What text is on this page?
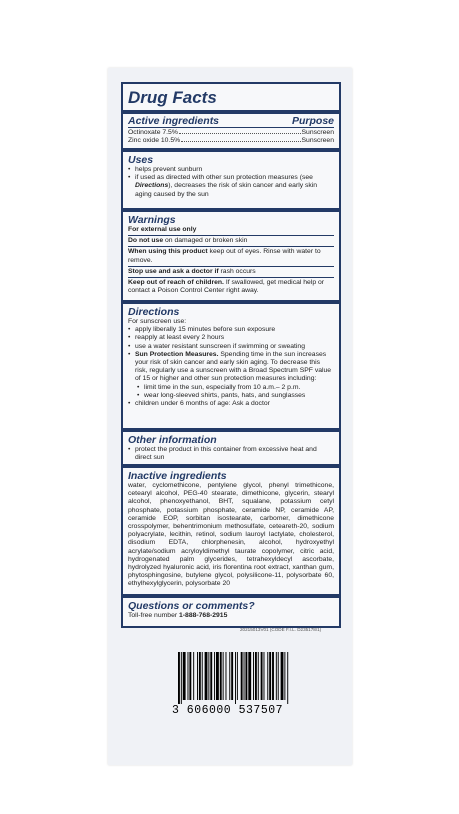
Drug Facts
Active ingredients	Purpose
Octinoxate 7.5%	Sunscreen
Zinc oxide 10.5%	Sunscreen
Uses
• helps prevent sunburn
• if used as directed with other sun protection measures (see Directions), decreases the risk of skin cancer and early skin aging caused by the sun
Warnings
For external use only
Do not use on damaged or broken skin
When using this product keep out of eyes. Rinse with water to remove.
Stop use and ask a doctor if rash occurs
Keep out of reach of children. If swallowed, get medical help or contact a Poison Control Center right away.
Directions
For sunscreen use:
• apply liberally 15 minutes before sun exposure
• reapply at least every 2 hours
• use a water resistant sunscreen if swimming or sweating
• Sun Protection Measures. Spending time in the sun increases your risk of skin cancer and early skin aging. To decrease this risk, regularly use a sunscreen with a Broad Spectrum SPF value of 15 or higher and other sun protection measures including:
• limit time in the sun, especially from 10 a.m.– 2 p.m.
• wear long-sleeved shirts, pants, hats, and sunglasses
• children under 6 months of age: Ask a doctor
Other information
• protect the product in this container from excessive heat and direct sun
Inactive ingredients
water, cyclomethicone, pentylene glycol, phenyl trimethicone, cetearyl alcohol, PEG-40 stearate, dimethicone, glycerin, stearyl alcohol, phenoxyethanol, BHT, squalane, potassium cetyl phosphate, potassium phosphate, ceramide NP, ceramide AP, ceramide EOP, sorbitan isostearate, carbomer, dimethicone crosspolymer, behentrimonium methosulfate, ceteareth-20, sodium polyacrylate, lecithin, retinol, sodium lauroyl lactylate, cholesterol, disodium EDTA, chlorphenesin, alcohol, hydroxyethyl acrylate/sodium acryloyldimethyl taurate copolymer, citric acid, hydrogenated palm glycerides, tetrahexyldecyl ascorbate, hydrolyzed hyaluronic acid, iris florentina root extract, xanthan gum, phytosphingosine, butylene glycol, polysilicone-11, polysorbate 60, ethylhexylglycerin, polysorbate 20
Questions or comments?
Toll-free number 1-888-768-2915
20215013V01 (CODE F.I.L. D235178/1)
3 606000 537507
